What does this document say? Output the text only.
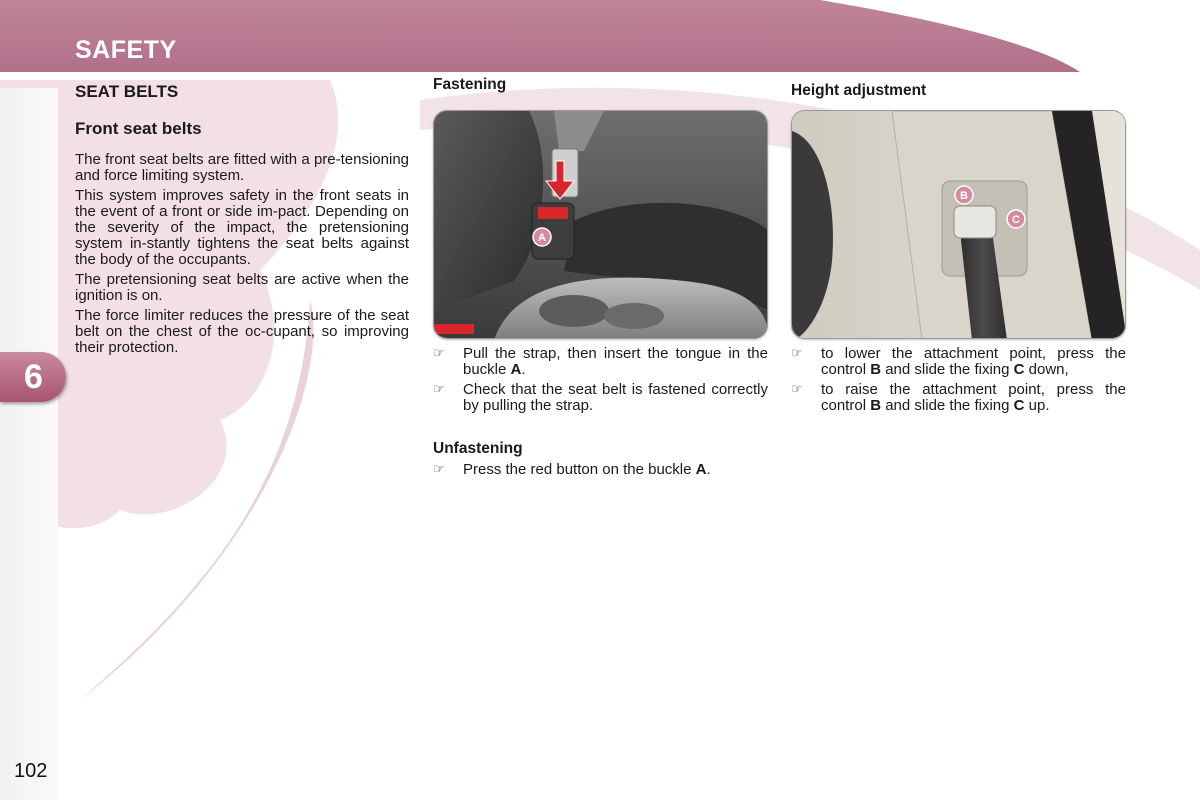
SAFETY
6
SEAT BELTS
Front seat belts

The front seat belts are fitted with a pre-tensioning and force limiting system.

This system improves safety in the front seats in the event of a front or side im-pact. Depending on the severity of the impact, the pretensioning system in-stantly tightens the seat belts against the body of the occupants.

The pretensioning seat belts are active when the ignition is on.

The force limiter reduces the pressure of the seat belt on the chest of the oc-cupant, so improving their protection.

Fastening
A
☞ Pull the strap, then insert the tongue in the buckle A.
☞ Check that the seat belt is fastened correctly by pulling the strap.
Unfastening
☞ Press the red button on the buckle A.
Height adjustment
B
C
☞ to lower the attachment point, press the control B and slide the fixing C down,
☞ to raise the attachment point, press the control B and slide the fixing C up.
102
